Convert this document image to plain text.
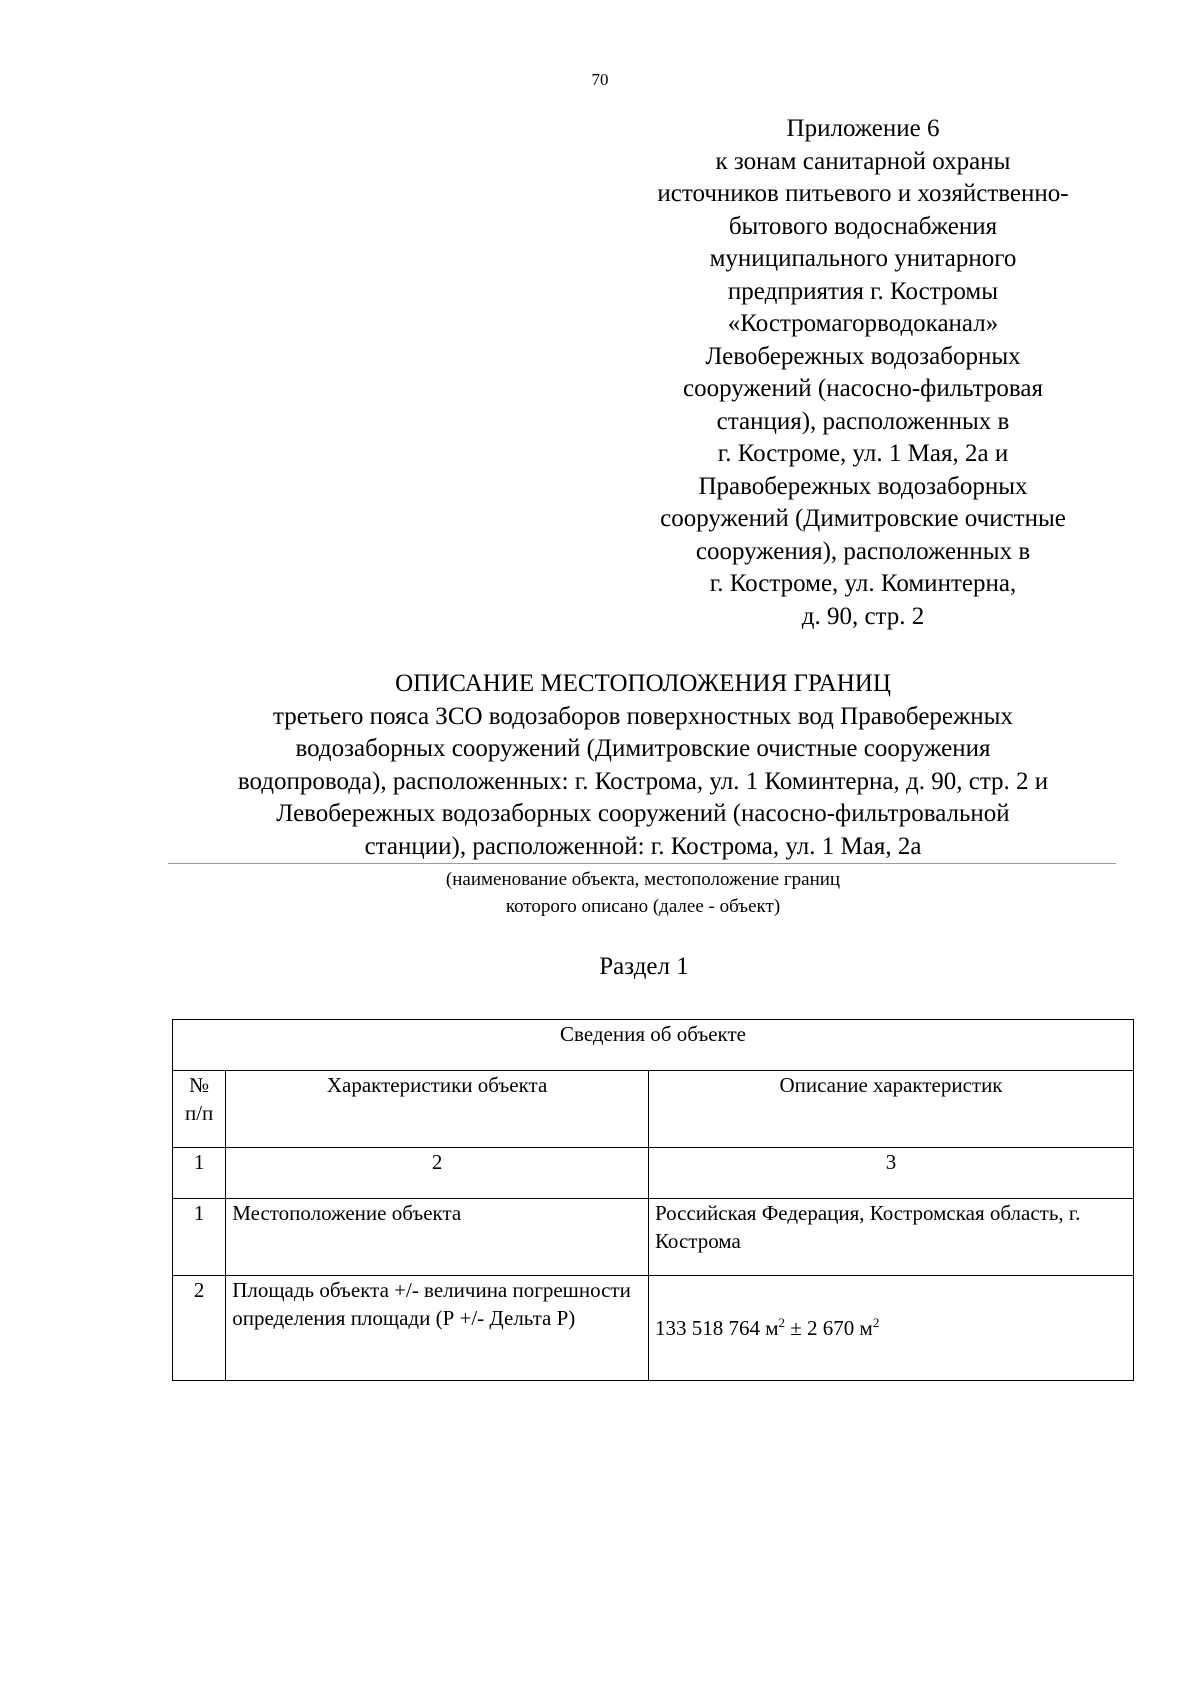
70
Приложение 6
к зонам санитарной охраны
источников питьевого и хозяйственно-
бытового водоснабжения
муниципального унитарного
предприятия г. Костромы
«Костромагорводоканал»
Левобережных водозаборных
сооружений (насосно-фильтровая
станция), расположенных в
г. Костроме, ул. 1 Мая, 2а и
Правобережных водозаборных
сооружений (Димитровские очистные
сооружения), расположенных в
г. Костроме, ул. Коминтерна,
д. 90, стр. 2
ОПИСАНИЕ МЕСТОПОЛОЖЕНИЯ ГРАНИЦ
третьего пояса ЗСО водозаборов поверхностных вод Правобережных
водозаборных сооружений (Димитровские очистные сооружения
водопровода), расположенных: г. Кострома, ул. 1 Коминтерна, д. 90, стр. 2 и
Левобережных водозаборных сооружений (насосно-фильтровальной
станции), расположенной: г. Кострома, ул. 1 Мая, 2а
(наименование объекта, местоположение границ
которого описано (далее - объект)
Раздел 1
Сведения об объекте		
№ п/п	Характеристики объекта	Описание характеристик
1	2	3
1	Местоположение объекта	Российская Федерация, Костромская область, г. Кострома
2	Площадь объекта +/- величина погрешности определения площади (Р +/- Дельта Р)	133 518 764 $м^2 \pm 2$ 670 $м^2$
